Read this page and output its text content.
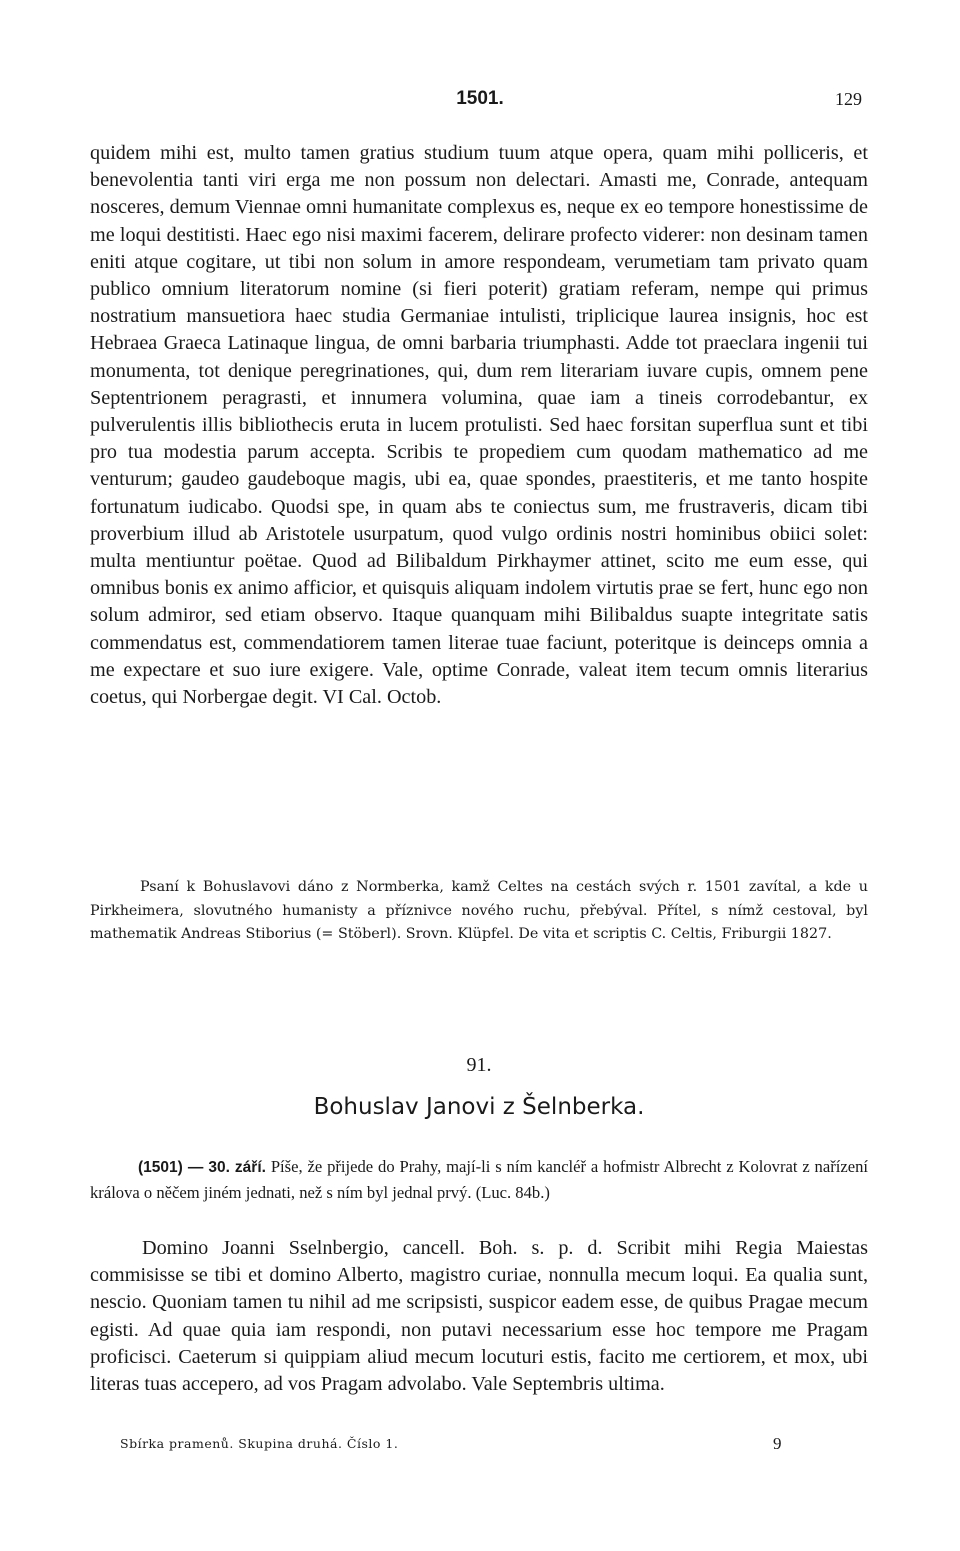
1501.	129
quidem mihi est, multo tamen gratius studium tuum atque opera, quam mihi polliceris, et benevolentia tanti viri erga me non possum non delectari. Amasti me, Conrade, antequam nosceres, demum Viennae omni humanitate complexus es, neque ex eo tempore honestissime de me loqui destitisti. Haec ego nisi maximi facerem, delirare profecto viderer: non desinam tamen eniti atque cogitare, ut tibi non solum in amore respondeam, verumetiam tam privato quam publico omnium literatorum nomine (si fieri poterit) gratiam referam, nempe qui primus nostratium mansuetiora haec studia Germaniae intulisti, triplicique laurea insignis, hoc est Hebraea Graeca Latinaque lingua, de omni barbaria triumphasti. Adde tot praeclara ingenii tui monumenta, tot denique peregrinationes, qui, dum rem literariam iuvare cupis, omnem pene Septentrionem peragrasti, et innumera volumina, quae iam a tineis corrodebantur, ex pulverulentis illis bibliothecis eruta in lucem protulisti. Sed haec forsitan superflua sunt et tibi pro tua modestia parum accepta. Scribis te propediem cum quodam mathematico ad me venturum; gaudeo gaudeboque magis, ubi ea, quae spondes, praestiteris, et me tanto hospite fortunatum iudicabo. Quodsi spe, in quam abs te coniectus sum, me frustraveris, dicam tibi proverbium illud ab Aristotele usurpatum, quod vulgo ordinis nostri hominibus obiici solet: multa mentiuntur poëtae. Quod ad Bilibaldum Pirkhaymer attinet, scito me eum esse, qui omnibus bonis ex animo afficior, et quisquis aliquam indolem virtutis prae se fert, hunc ego non solum admiror, sed etiam observo. Itaque quanquam mihi Bilibaldus suapte integritate satis commendatus est, commendatiorem tamen literae tuae faciunt, poteritque is deinceps omnia a me expectare et suo iure exigere. Vale, optime Conrade, valeat item tecum omnis literarius coetus, qui Norbergae degit. VI Cal. Octob.
Psaní k Bohuslavovi dáno z Normberka, kamž Celtes na cestách svých r. 1501 zavítal, a kde u Pirkheimera, slovutného humanisty a příznivce nového ruchu, přebýval. Přítel, s nímž cestoval, byl mathematik Andreas Stiborius (= Stöberl). Srovn. Klüpfel. De vita et scriptis C. Celtis, Friburgii 1827.
91.
Bohuslav Janovi z Šelnberka.
(1501) — 30. září. Píše, že přijede do Prahy, mají-li s ním kancléř a hofmistr Albrecht z Kolovrat z nařízení králova o něčem jiném jednati, než s ním byl jednal prvý. (Luc. 84b.)
Domino Joanni Sselnbergio, cancell. Boh. s. p. d. Scribit mihi Regia Maiestas commisisse se tibi et domino Alberto, magistro curiae, nonnulla mecum loqui. Ea qualia sunt, nescio. Quoniam tamen tu nihil ad me scripsisti, suspicor eadem esse, de quibus Pragae mecum egisti. Ad quae quia iam respondi, non putavi necessarium esse hoc tempore me Pragam proficisci. Caeterum si quippiam aliud mecum locuturi estis, facito me certiorem, et mox, ubi literas tuas accepero, ad vos Pragam advolabo. Vale Septembris ultima.
Sbírka pramenů. Skupina druhá. Číslo 1.	9
